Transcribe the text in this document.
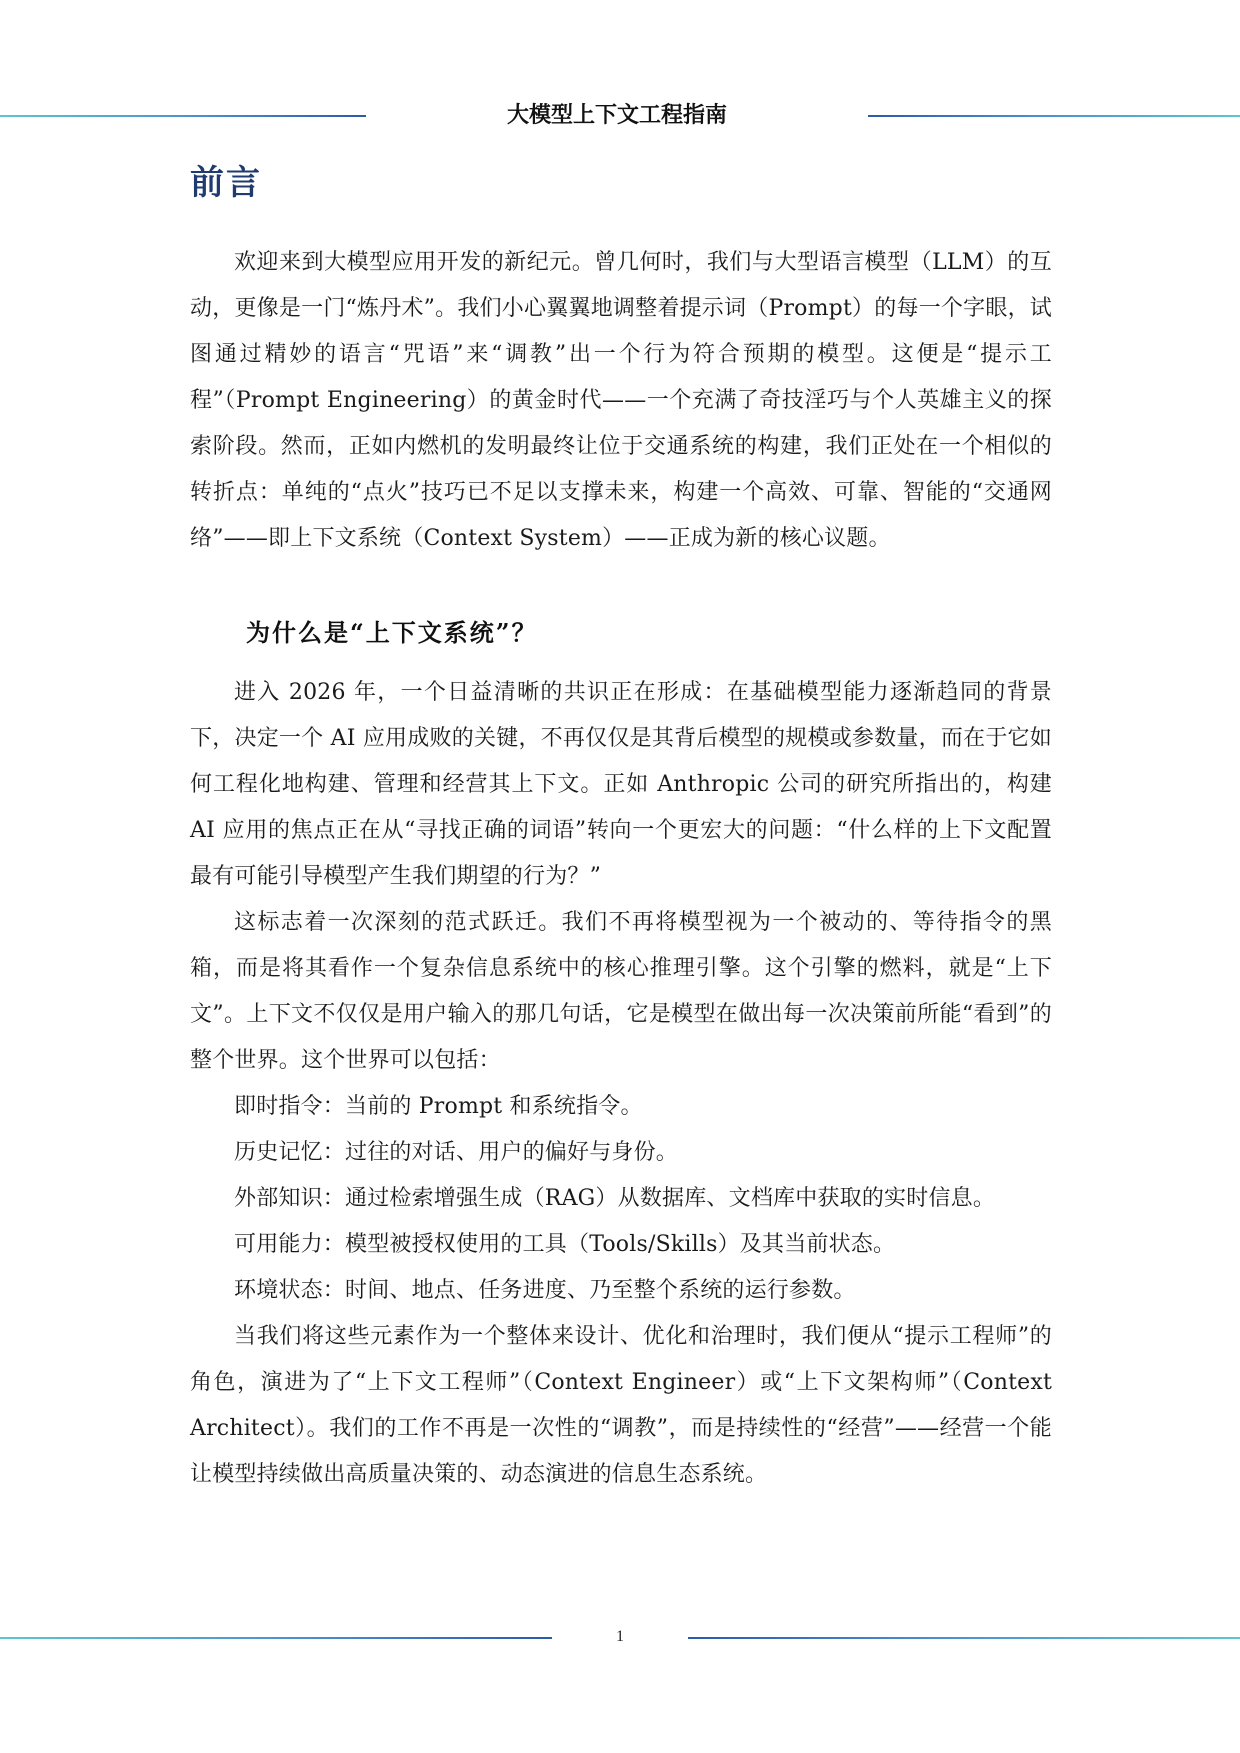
大模型上下文工程指南
前言

欢迎来到大模型应用开发的新纪元。曾几何时，我们与大型语言模型（LLM）的互动，更像是一门“炼丹术”。我们小心翼翼地调整着提示词（Prompt）的每一个字眼，试图通过精妙的语言“咒语”来“调教”出一个行为符合预期的模型。这便是“提示工程”（Prompt Engineering）的黄金时代——一个充满了奇技淫巧与个人英雄主义的探索阶段。然而，正如内燃机的发明最终让位于交通系统的构建，我们正处在一个相似的转折点：单纯的“点火”技巧已不足以支撑未来，构建一个高效、可靠、智能的“交通网络”——即上下文系统（Context System）——正成为新的核心议题。

为什么是“上下文系统”？

进入 2026 年，一个日益清晰的共识正在形成：在基础模型能力逐渐趋同的背景下，决定一个 AI 应用成败的关键，不再仅仅是其背后模型的规模或参数量，而在于它如何工程化地构建、管理和经营其上下文。正如 Anthropic 公司的研究所指出的，构建 AI 应用的焦点正在从“寻找正确的词语”转向一个更宏大的问题：“什么样的上下文配置最有可能引导模型产生我们期望的行为？”

这标志着一次深刻的范式跃迁。我们不再将模型视为一个被动的、等待指令的黑箱，而是将其看作一个复杂信息系统中的核心推理引擎。这个引擎的燃料，就是“上下文”。上下文不仅仅是用户输入的那几句话，它是模型在做出每一次决策前所能“看到”的整个世界。这个世界可以包括：

即时指令：当前的 Prompt 和系统指令。

历史记忆：过往的对话、用户的偏好与身份。

外部知识：通过检索增强生成（RAG）从数据库、文档库中获取的实时信息。

可用能力：模型被授权使用的工具（Tools/Skills）及其当前状态。

环境状态：时间、地点、任务进度、乃至整个系统的运行参数。

当我们将这些元素作为一个整体来设计、优化和治理时，我们便从“提示工程师”的角色，演进为了“上下文工程师”（Context Engineer）或“上下文架构师”（Context Architect）。我们的工作不再是一次性的“调教”，而是持续性的“经营”——经营一个能让模型持续做出高质量决策的、动态演进的信息生态系统。

1
